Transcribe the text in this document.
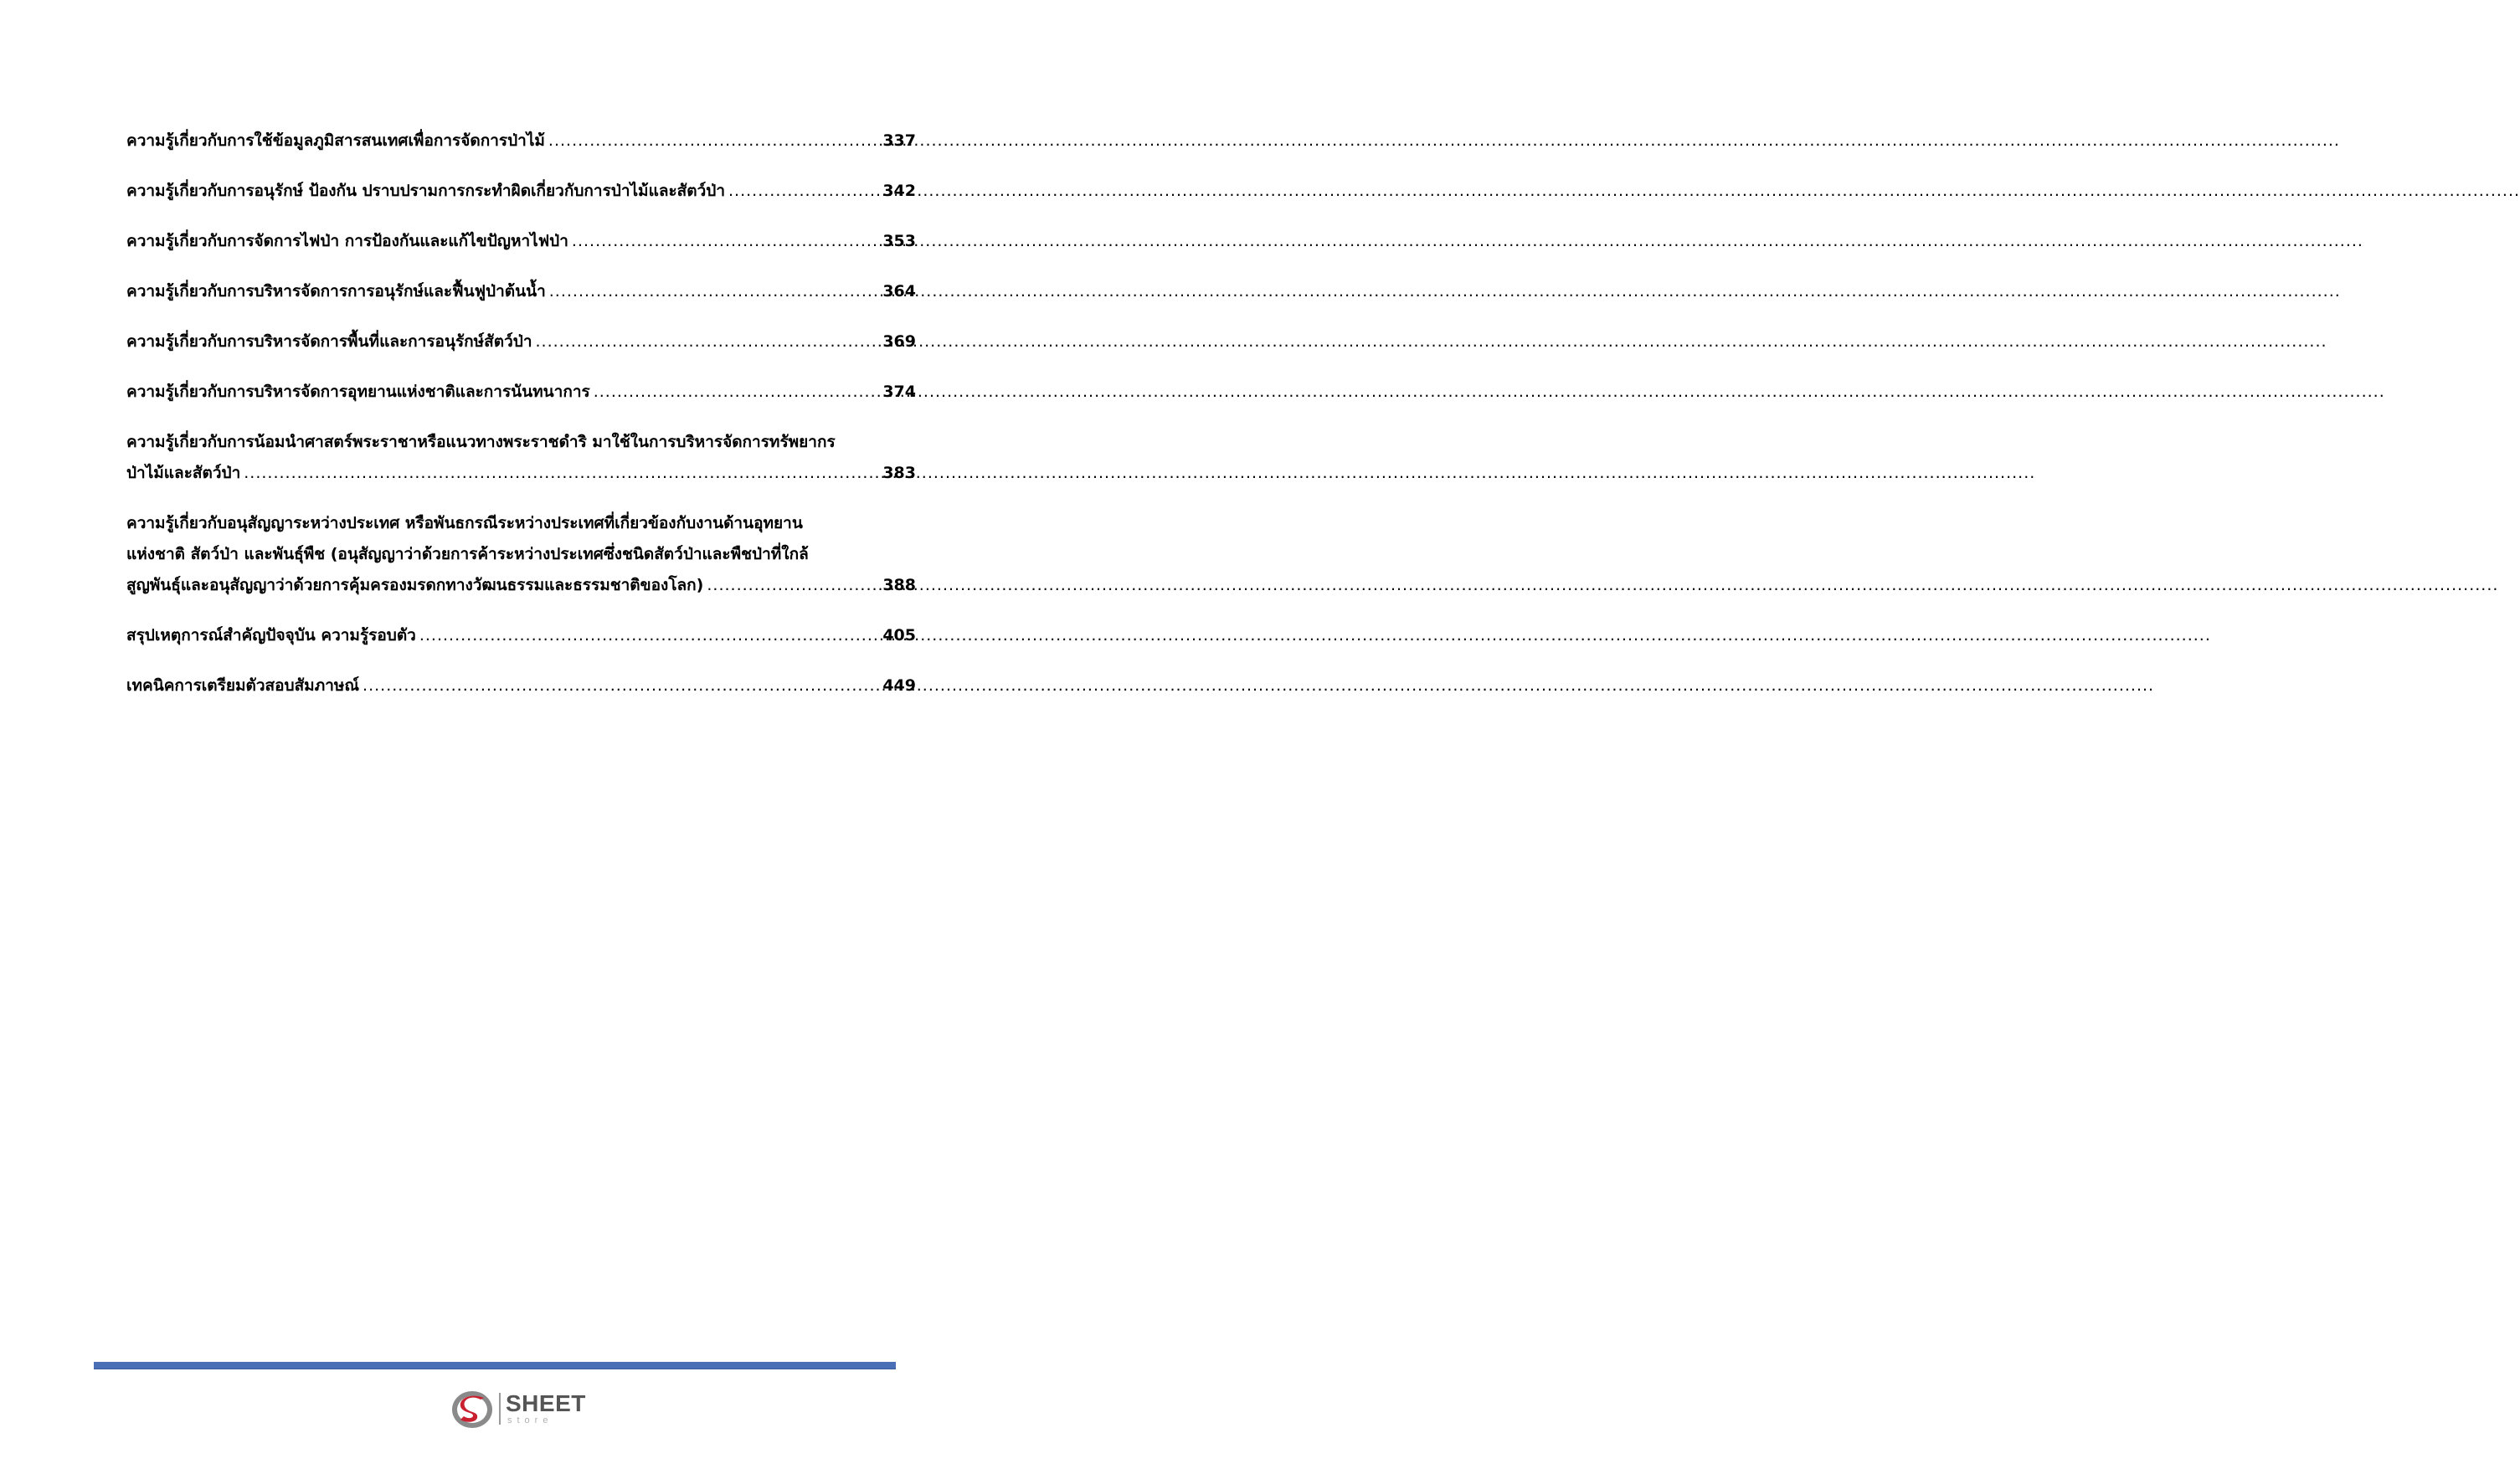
ความรู้เกี่ยวกับการใช้ข้อมูลภูมิสารสนเทศเพื่อการจัดการป่าไม้ .....	337
ความรู้เกี่ยวกับการอนุรักษ์ ป้องกัน ปราบปรามการกระทำผิดเกี่ยวกับการป่าไม้และสัตว์ป่า .....	342
ความรู้เกี่ยวกับการจัดการไฟป่า การป้องกันและแก้ไขปัญหาไฟป่า .....	353
ความรู้เกี่ยวกับการบริหารจัดการการอนุรักษ์และฟื้นฟูป่าต้นน้ำ .....	364
ความรู้เกี่ยวกับการบริหารจัดการพื้นที่และการอนุรักษ์สัตว์ป่า .....	369
ความรู้เกี่ยวกับการบริหารจัดการอุทยานแห่งชาติและการนันทนาการ .....	374
ความรู้เกี่ยวกับการน้อมนำศาสตร์พระราชาหรือแนวทางพระราชดำริ มาใช้ในการบริหารจัดการทรัพยากร
ป่าไม้และสัตว์ป่า .....	383
ความรู้เกี่ยวกับอนุสัญญาระหว่างประเทศ หรือพันธกรณีระหว่างประเทศที่เกี่ยวข้องกับงานด้านอุทยาน
แห่งชาติ สัตว์ป่า และพันธุ์พืช (อนุสัญญาว่าด้วยการค้าระหว่างประเทศซึ่งชนิดสัตว์ป่าและพืชป่าที่ใกล้
สูญพันธุ์และอนุสัญญาว่าด้วยการคุ้มครองมรดกทางวัฒนธรรมและธรรมชาติของโลก) .....	388
สรุปเหตุการณ์สำคัญปัจจุบัน ความรู้รอบตัว .....	405
เทคนิคการเตรียมตัวสอบสัมภาษณ์ .....	449
SHEET
store
